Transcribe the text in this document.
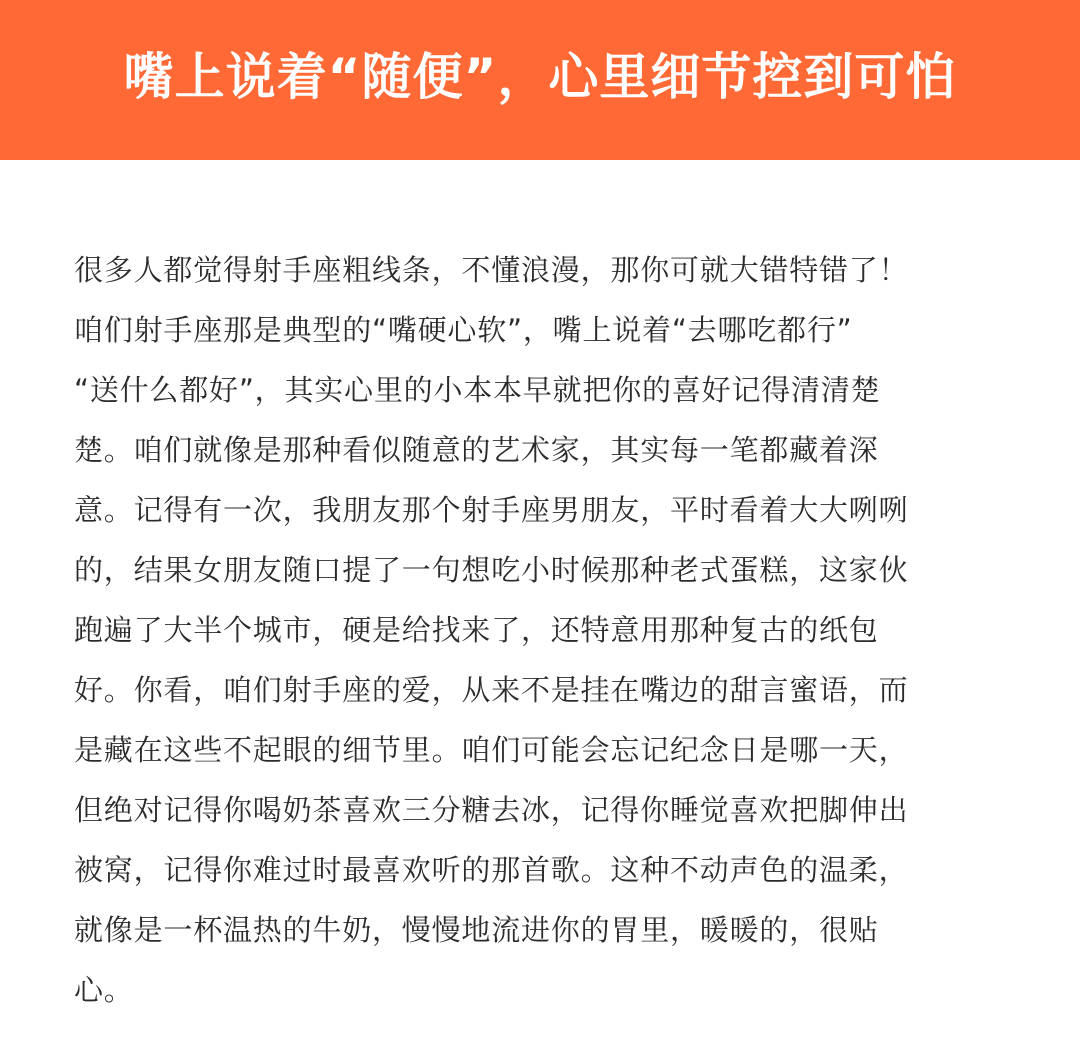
嘴上说着“随便”，心里细节控到可怕
很多人都觉得射手座粗线条，不懂浪漫，那你可就大错特错了！
咱们射手座那是典型的“嘴硬心软”，嘴上说着“去哪吃都行”
“送什么都好”，其实心里的小本本早就把你的喜好记得清清楚
楚。咱们就像是那种看似随意的艺术家，其实每一笔都藏着深
意。记得有一次，我朋友那个射手座男朋友，平时看着大大咧咧
的，结果女朋友随口提了一句想吃小时候那种老式蛋糕，这家伙
跑遍了大半个城市，硬是给找来了，还特意用那种复古的纸包
好。你看，咱们射手座的爱，从来不是挂在嘴边的甜言蜜语，而
是藏在这些不起眼的细节里。咱们可能会忘记纪念日是哪一天，
但绝对记得你喝奶茶喜欢三分糖去冰，记得你睡觉喜欢把脚伸出
被窝，记得你难过时最喜欢听的那首歌。这种不动声色的温柔，
就像是一杯温热的牛奶，慢慢地流进你的胃里，暖暖的，很贴
心。
